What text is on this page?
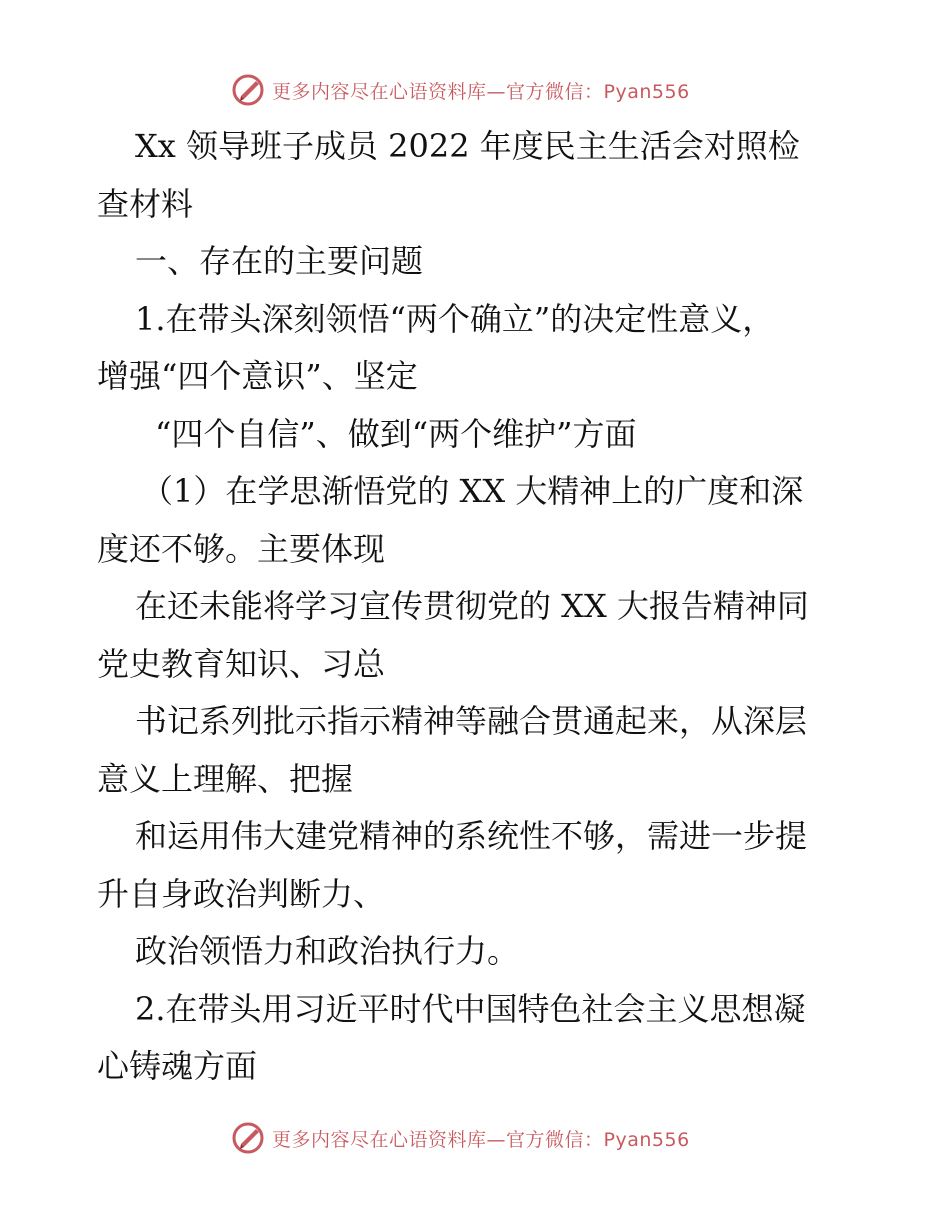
更多内容尽在心语资料库—官方微信：Pyan556
Xx 领导班子成员 2022 年度民主生活会对照检
查材料
一、存在的主要问题
1.在带头深刻领悟“两个确立”的决定性意义，
增强“四个意识”、坚定
“四个自信”、做到“两个维护”方面
（1）在学思渐悟党的 XX 大精神上的广度和深
度还不够。主要体现
在还未能将学习宣传贯彻党的 XX 大报告精神同
党史教育知识、习总
书记系列批示指示精神等融合贯通起来，从深层
意义上理解、把握
和运用伟大建党精神的系统性不够，需进一步提
升自身政治判断力、
政治领悟力和政治执行力。
2.在带头用习近平时代中国特色社会主义思想凝
心铸魂方面
更多内容尽在心语资料库—官方微信：Pyan556
